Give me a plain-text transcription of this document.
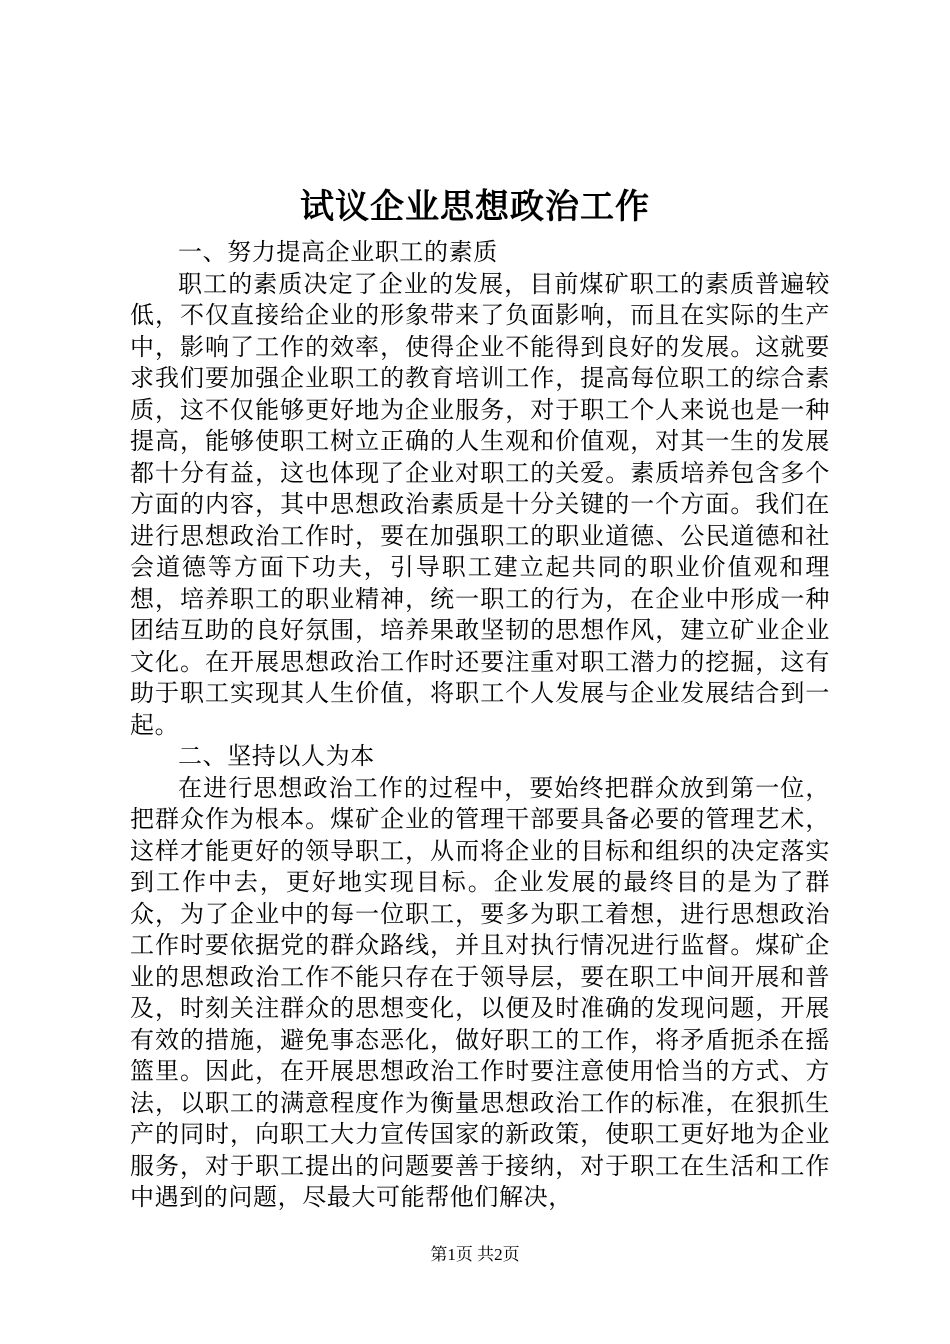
试议企业思想政治工作

一、努力提高企业职工的素质

职工的素质决定了企业的发展，目前煤矿职工的素质普遍较低，不仅直接给企业的形象带来了负面影响，而且在实际的生产中，影响了工作的效率，使得企业不能得到良好的发展。这就要求我们要加强企业职工的教育培训工作，提高每位职工的综合素质，这不仅能够更好地为企业服务，对于职工个人来说也是一种提高，能够使职工树立正确的人生观和价值观，对其一生的发展都十分有益，这也体现了企业对职工的关爱。素质培养包含多个方面的内容，其中思想政治素质是十分关键的一个方面。我们在进行思想政治工作时，要在加强职工的职业道德、公民道德和社会道德等方面下功夫，引导职工建立起共同的职业价值观和理想，培养职工的职业精神，统一职工的行为，在企业中形成一种团结互助的良好氛围，培养果敢坚韧的思想作风，建立矿业企业文化。在开展思想政治工作时还要注重对职工潜力的挖掘，这有助于职工实现其人生价值，将职工个人发展与企业发展结合到一起。

二、坚持以人为本

在进行思想政治工作的过程中，要始终把群众放到第一位，把群众作为根本。煤矿企业的管理干部要具备必要的管理艺术，这样才能更好的领导职工，从而将企业的目标和组织的决定落实到工作中去，更好地实现目标。企业发展的最终目的是为了群众，为了企业中的每一位职工，要多为职工着想，进行思想政治工作时要依据党的群众路线，并且对执行情况进行监督。煤矿企业的思想政治工作不能只存在于领导层，要在职工中间开展和普及，时刻关注群众的思想变化，以便及时准确的发现问题，开展有效的措施，避免事态恶化，做好职工的工作，将矛盾扼杀在摇篮里。因此，在开展思想政治工作时要注意使用恰当的方式、方法，以职工的满意程度作为衡量思想政治工作的标准，在狠抓生产的同时，向职工大力宣传国家的新政策，使职工更好地为企业服务，对于职工提出的问题要善于接纳，对于职工在生活和工作中遇到的问题，尽最大可能帮他们解决，

第1页 共2页
